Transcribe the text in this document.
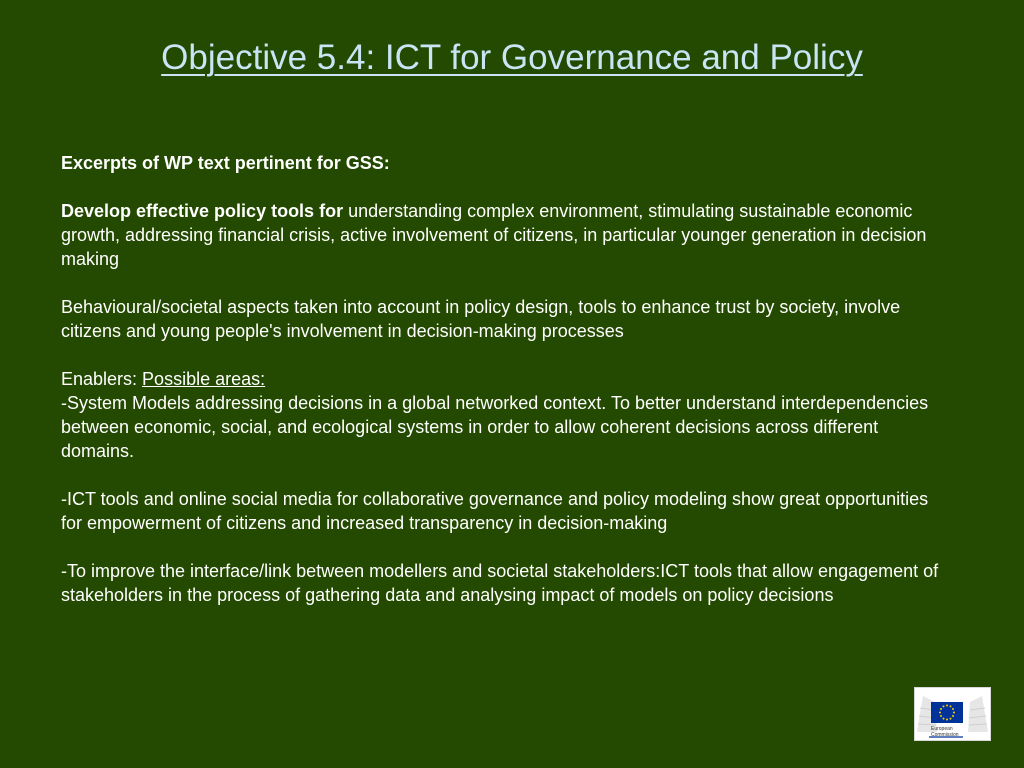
Objective 5.4: ICT for Governance and Policy

Excerpts of WP text pertinent for GSS:

Develop effective policy tools for understanding complex environment, stimulating sustainable economic growth, addressing financial crisis, active involvement of citizens, in particular younger generation in decision making

Behavioural/societal aspects taken into account in policy design, tools to enhance trust by society, involve citizens and young people's involvement in decision-making processes

Enablers: Possible areas:
-System Models addressing decisions in a global networked context. To better understand interdependencies between economic, social, and ecological systems in order to allow coherent decisions across different domains.

-ICT tools and online social media for collaborative governance and policy modeling show great opportunities for empowerment of citizens and increased transparency in decision-making

-To improve the interface/link between modellers and societal stakeholders:ICT tools that allow engagement of stakeholders in the process of gathering data and analysing impact of models on policy decisions

European
Commission
